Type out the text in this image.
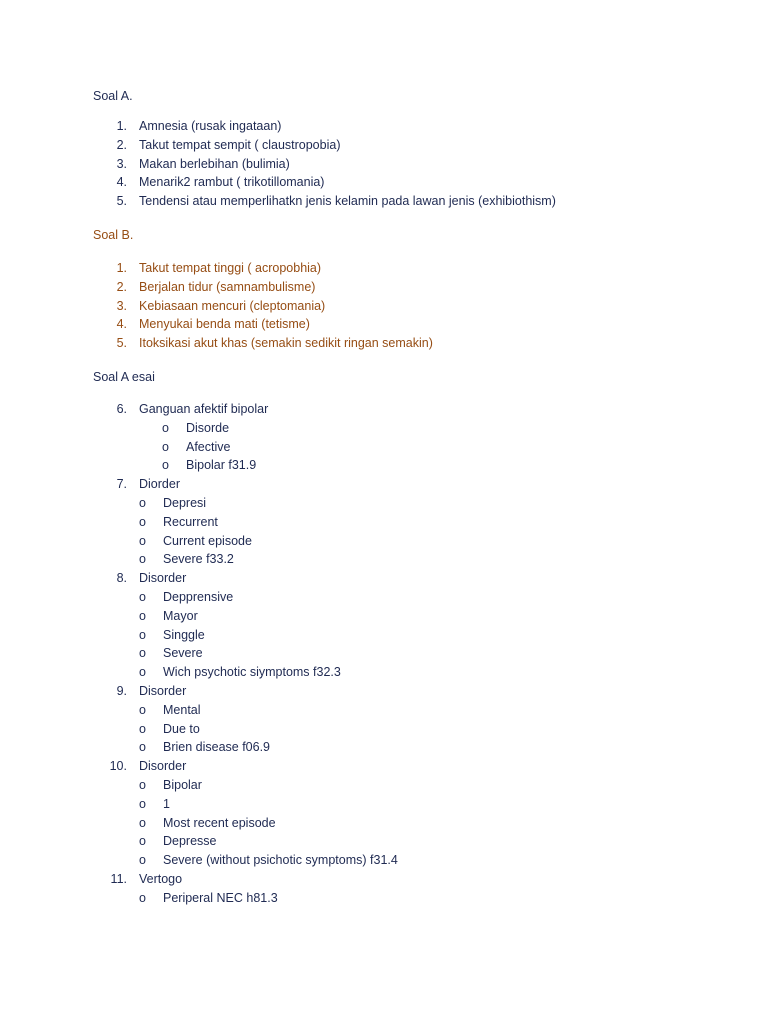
Soal A.
1. Amnesia (rusak ingataan)
2. Takut tempat sempit ( claustropobia)
3. Makan berlebihan (bulimia)
4. Menarik2 rambut ( trikotillomania)
5. Tendensi atau memperlihatkn jenis kelamin pada lawan jenis (exhibiothism)
Soal B.
1. Takut tempat tinggi ( acropobhia)
2. Berjalan tidur (samnambulisme)
3. Kebiasaan mencuri (cleptomania)
4. Menyukai benda mati (tetisme)
5. Itoksikasi akut khas (semakin sedikit ringan semakin)
Soal A esai
6. Ganguan afektif bipolar
o Disorde
o Afective
o Bipolar f31.9
7. Diorder
o Depresi
o Recurrent
o Current episode
o Severe f33.2
8. Disorder
o Depprensive
o Mayor
o Singgle
o Severe
o Wich psychotic siymptoms f32.3
9. Disorder
o Mental
o Due to
o Brien disease f06.9
10. Disorder
o Bipolar
o 1
o Most recent episode
o Depresse
o Severe (without psichotic symptoms) f31.4
11. Vertogo
o Periperal NEC h81.3
